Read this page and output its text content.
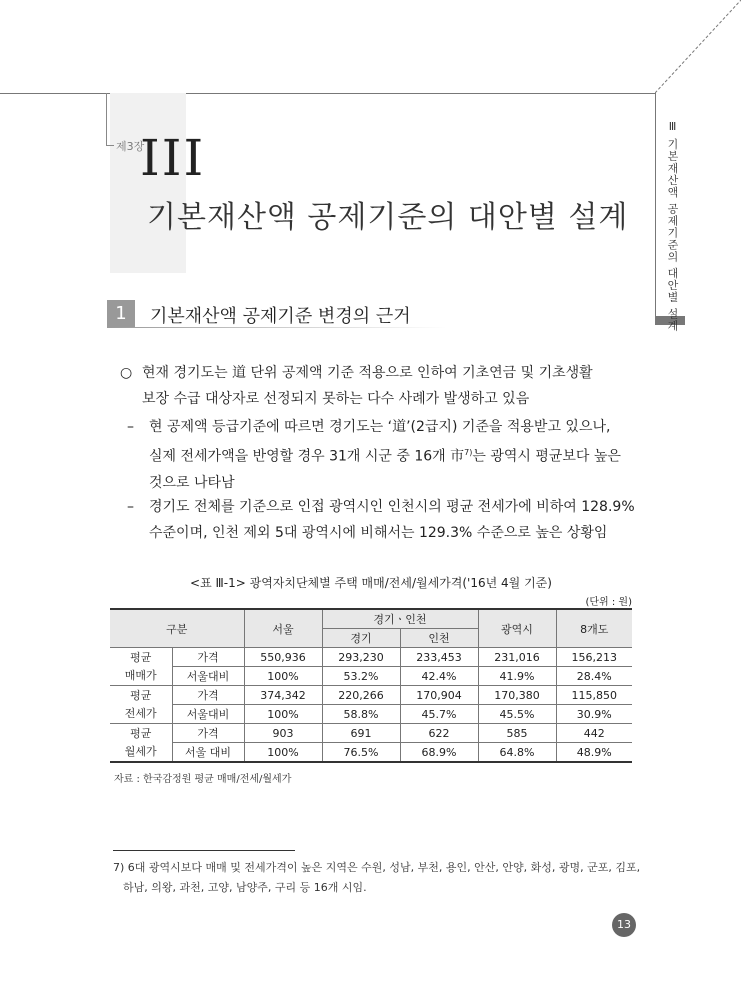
Ⅲ 기본재산액 공제기준의 대안별 설계
제3장
III
기본재산액 공제기준의 대안별 설계
1	기본재산액 공제기준 변경의 근거
○ 현재 경기도는 道 단위 공제액 기준 적용으로 인하여 기초연금 및 기초생활
보장 수급 대상자로 선정되지 못하는 다수 사례가 발생하고 있음
– 현 공제액 등급기준에 따르면 경기도는 ‘道’(2급지) 기준을 적용받고 있으나,
실제 전세가액을 반영할 경우 31개 시군 중 16개 市$^{7)}$는 광역시 평균보다 높은
것으로 나타남
– 경기도 전체를 기준으로 인접 광역시인 인천시의 평균 전세가에 비하여 128.9%
수준이며, 인천 제외 5대 광역시에 비해서는 129.3% 수준으로 높은 상황임
<표 Ⅲ-1> 광역자치단체별 주택 매매/전세/월세가격('16년 4월 기준)
(단위 : 원)
구분		서울	경기ㆍ인천		광역시	8개도
			경기	인천		

평균
매매가	가격	550,936	293,230	233,453	231,016	156,213
	서울대비	100%	53.2%	42.4%	41.9%	28.4%

평균
전세가	가격	374,342	220,266	170,904	170,380	115,850
	서울대비	100%	58.8%	45.7%	45.5%	30.9%

평균
월세가	가격	903	691	622	585	442
	서울 대비	100%	76.5%	68.9%	64.8%	48.9%
자료 : 한국감정원 평균 매매/전세/월세가
7) 6대 광역시보다 매매 및 전세가격이 높은 지역은 수원, 성남, 부천, 용인, 안산, 안양, 화성, 광명, 군포, 김포,
하남, 의왕, 과천, 고양, 남양주, 구리 등 16개 시임.
13
